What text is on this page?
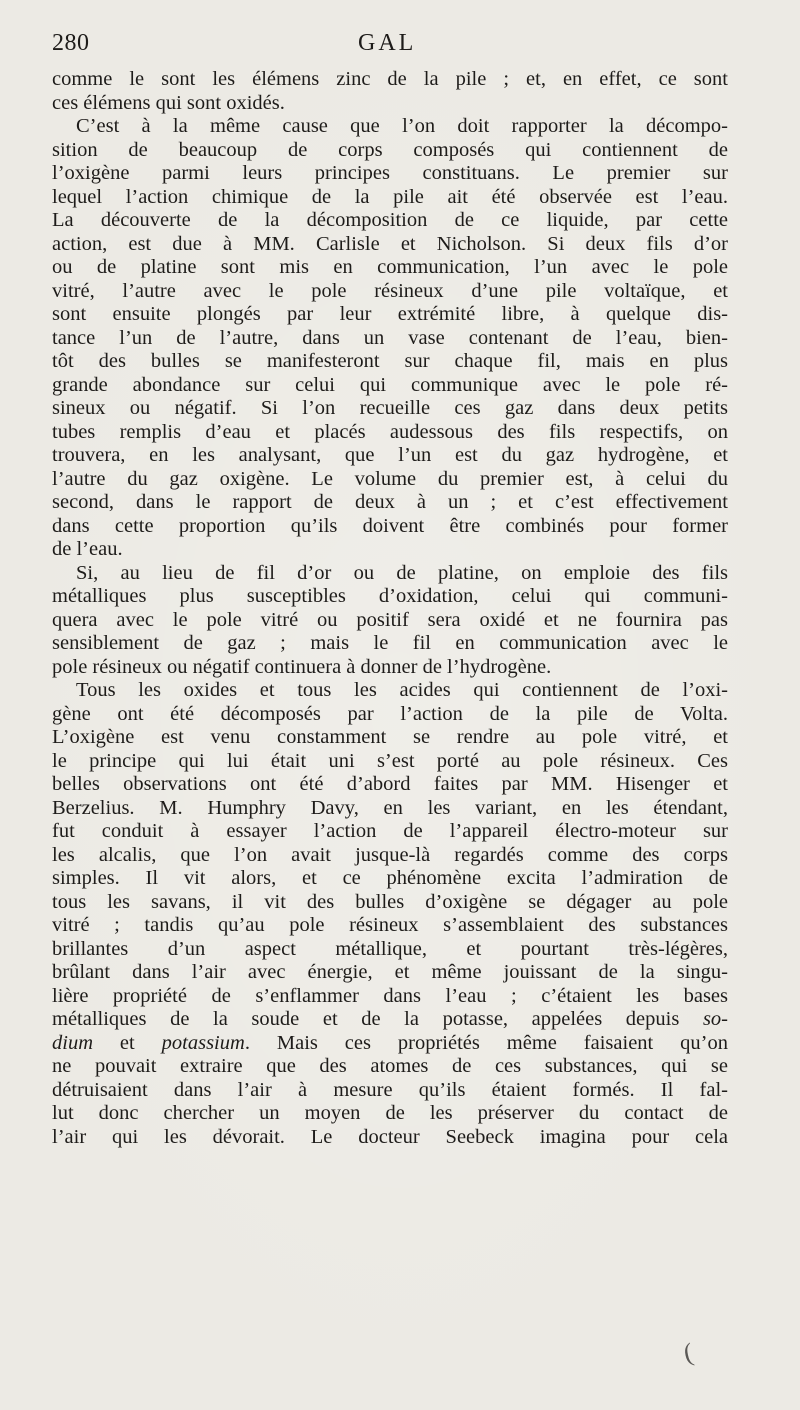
280	GAL
comme le sont les élémens zinc de la pile ; et, en effet, ce sont
ces élémens qui sont oxidés.
C’est à la même cause que l’on doit rapporter la décompo-
sition de beaucoup de corps composés qui contiennent de
l’oxigène parmi leurs principes constituans. Le premier sur
lequel l’action chimique de la pile ait été observée est l’eau.
La découverte de la décomposition de ce liquide, par cette
action, est due à MM. Carlisle et Nicholson. Si deux fils d’or
ou de platine sont mis en communication, l’un avec le pole
vitré, l’autre avec le pole résineux d’une pile voltaïque, et
sont ensuite plongés par leur extrémité libre, à quelque dis-
tance l’un de l’autre, dans un vase contenant de l’eau, bien-
tôt des bulles se manifesteront sur chaque fil, mais en plus
grande abondance sur celui qui communique avec le pole ré-
sineux ou négatif. Si l’on recueille ces gaz dans deux petits
tubes remplis d’eau et placés audessous des fils respectifs, on
trouvera, en les analysant, que l’un est du gaz hydrogène, et
l’autre du gaz oxigène. Le volume du premier est, à celui du
second, dans le rapport de deux à un ; et c’est effectivement
dans cette proportion qu’ils doivent être combinés pour former
de l’eau.
Si, au lieu de fil d’or ou de platine, on emploie des fils
métalliques plus susceptibles d’oxidation, celui qui communi-
quera avec le pole vitré ou positif sera oxidé et ne fournira pas
sensiblement de gaz ; mais le fil en communication avec le
pole résineux ou négatif continuera à donner de l’hydrogène.
Tous les oxides et tous les acides qui contiennent de l’oxi-
gène ont été décomposés par l’action de la pile de Volta.
L’oxigène est venu constamment se rendre au pole vitré, et
le principe qui lui était uni s’est porté au pole résineux. Ces
belles observations ont été d’abord faites par MM. Hisenger et
Berzelius. M. Humphry Davy, en les variant, en les étendant,
fut conduit à essayer l’action de l’appareil électro-moteur sur
les alcalis, que l’on avait jusque-là regardés comme des corps
simples. Il vit alors, et ce phénomène excita l’admiration de
tous les savans, il vit des bulles d’oxigène se dégager au pole
vitré ; tandis qu’au pole résineux s’assemblaient des substances
brillantes d’un aspect métallique, et pourtant très-légères,
brûlant dans l’air avec énergie, et même jouissant de la singu-
lière propriété de s’enflammer dans l’eau ; c’étaient les bases
métalliques de la soude et de la potasse, appelées depuis so-
dium et potassium. Mais ces propriétés même faisaient qu’on
ne pouvait extraire que des atomes de ces substances, qui se
détruisaient dans l’air à mesure qu’ils étaient formés. Il fal-
lut donc chercher un moyen de les préserver du contact de
l’air qui les dévorait. Le docteur Seebeck imagina pour cela
(
